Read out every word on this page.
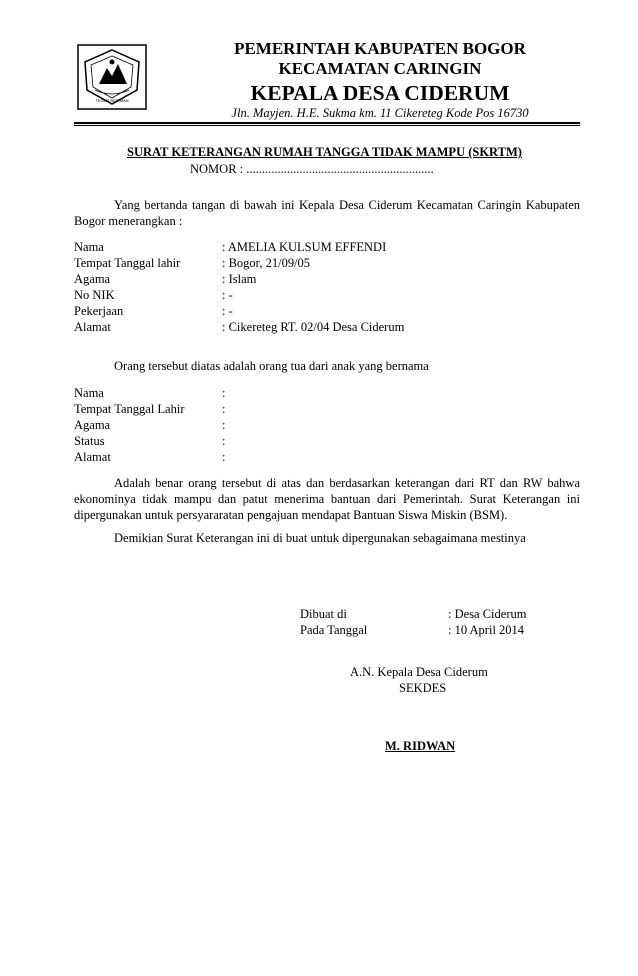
TEGAR BERIMAN
PEMERINTAH KABUPATEN BOGOR
KECAMATAN CARINGIN
KEPALA DESA CIDERUM
Jln. Mayjen. H.E. Sukma km. 11 Cikereteg Kode Pos 16730
SURAT KETERANGAN RUMAH TANGGA TIDAK MAMPU (SKRTM)
NOMOR : ............................................................
Yang bertanda tangan di bawah ini Kepala Desa Ciderum Kecamatan Caringin Kabupaten Bogor menerangkan :
Nama	: AMELIA KULSUM EFFENDI
Tempat Tanggal lahir	: Bogor, 21/09/05
Agama	: Islam
No NIK	: -
Pekerjaan	: -
Alamat	: Cikereteg RT. 02/04 Desa Ciderum
Orang tersebut diatas adalah orang tua dari anak yang bernama
Nama	:
Tempat Tanggal Lahir	:
Agama	:
Status	:
Alamat	:
Adalah benar orang tersebut di atas dan berdasarkan keterangan dari RT dan RW bahwa ekonominya tidak mampu dan patut menerima bantuan dari Pemerintah. Surat Keterangan ini dipergunakan untuk persyararatan pengajuan mendapat Bantuan Siswa Miskin (BSM).
Demikian Surat Keterangan ini di buat untuk dipergunakan sebagaimana mestinya
Dibuat di	: Desa Ciderum
Pada Tanggal	: 10 April 2014
A.N. Kepala Desa Ciderum
SEKDES
M. RIDWAN
